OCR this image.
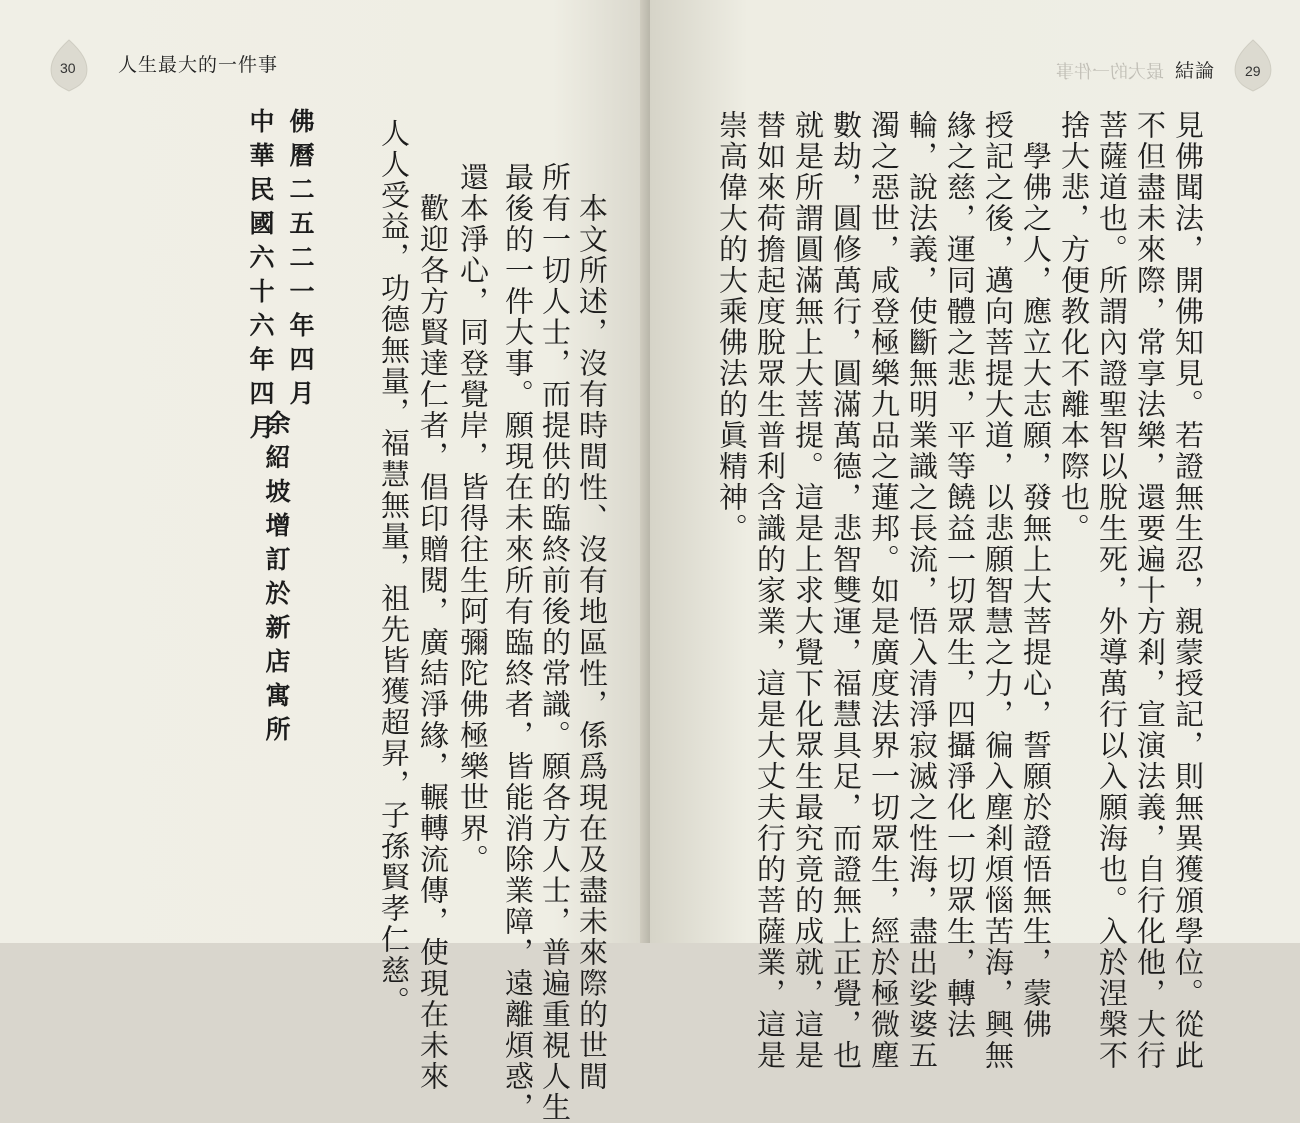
30 人生最大的一件事
　本文所述，沒有時間性、沒有地區性，係爲現在及盡未來際的世間
所有一切人士，而提供的臨終前後的常識。願各方人士，普遍重視人生
最後的一件大事。願現在未來所有臨終者，皆能消除業障，遠離煩惑，
還本淨心，同登覺岸，皆得往生阿彌陀佛極樂世界。
　歡迎各方賢達仁者，倡印贈閱，廣結淨緣，輾轉流傳，使現在未來
人人受益，功德無量，福慧無量，祖先皆獲超昇，子孫賢孝仁慈。
余紹坡增訂於新店寓所
佛曆二五二一年四月
中華民國六十六年四月
29
結論
最大的一件事
見佛聞法，開佛知見。若證無生忍，親蒙授記，則無異獲頒學位。從此
不但盡未來際，常享法樂，還要遍十方剎，宣演法義，自行化他，大行
菩薩道也。所謂內證聖智以脫生死，外導萬行以入願海也。入於涅槃不
捨大悲，方便教化不離本際也。
　學佛之人，應立大志願，發無上大菩提心，誓願於證悟無生，蒙佛
授記之後，邁向菩提大道，以悲願智慧之力，徧入塵剎煩惱苦海，興無
緣之慈，運同體之悲，平等饒益一切眾生，四攝淨化一切眾生，轉法
輪，說法義，使斷無明業識之長流，悟入清淨寂滅之性海，盡出娑婆五
濁之惡世，咸登極樂九品之蓮邦。如是廣度法界一切眾生，經於極微塵
數劫，圓修萬行，圓滿萬德，悲智雙運，福慧具足，而證無上正覺，也
就是所謂圓滿無上大菩提。這是上求大覺下化眾生最究竟的成就，這是
替如來荷擔起度脫眾生普利含識的家業，這是大丈夫行的菩薩業，這是
崇高偉大的大乘佛法的眞精神。
